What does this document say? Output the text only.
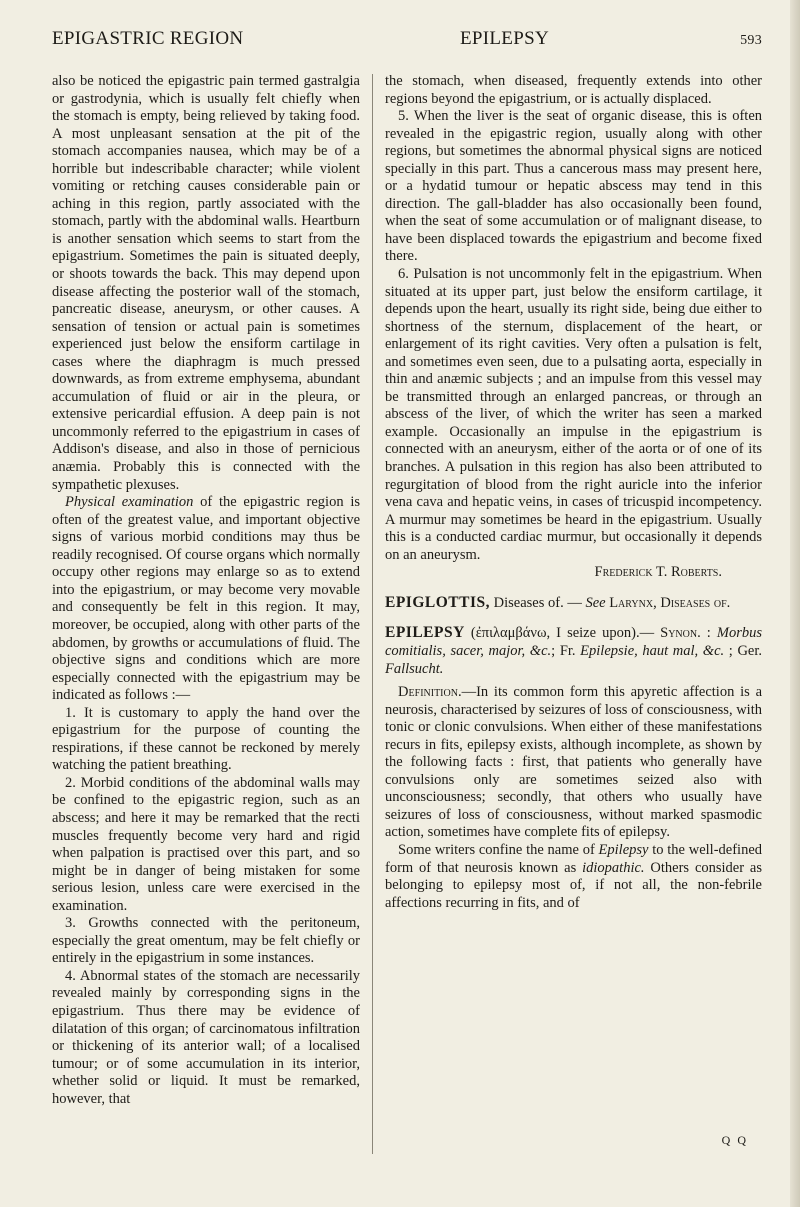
EPIGASTRIC REGION	EPILEPSY	593

also be noticed the epigastric pain termed gastralgia or gastrodynia, which is usually felt chiefly when the stomach is empty, being relieved by taking food. A most unpleasant sensation at the pit of the stomach accompanies nausea, which may be of a horrible but indescribable character; while violent vomiting or retching causes considerable pain or aching in this region, partly associated with the stomach, partly with the abdominal walls. Heartburn is another sensation which seems to start from the epigastrium. Sometimes the pain is situated deeply, or shoots towards the back. This may depend upon disease affecting the posterior wall of the stomach, pancreatic disease, aneurysm, or other causes. A sensation of tension or actual pain is sometimes experienced just below the ensiform cartilage in cases where the diaphragm is much pressed downwards, as from extreme emphysema, abundant accumulation of fluid or air in the pleura, or extensive pericardial effusion. A deep pain is not uncommonly referred to the epigastrium in cases of Addison's disease, and also in those of pernicious anæmia. Probably this is connected with the sympathetic plexuses.

Physical examination of the epigastric region is often of the greatest value, and important objective signs of various morbid conditions may thus be readily recognised. Of course organs which normally occupy other regions may enlarge so as to extend into the epigastrium, or may become very movable and consequently be felt in this region. It may, moreover, be occupied, along with other parts of the abdomen, by growths or accumulations of fluid. The objective signs and conditions which are more especially connected with the epigastrium may be indicated as follows :—

1. It is customary to apply the hand over the epigastrium for the purpose of counting the respirations, if these cannot be reckoned by merely watching the patient breathing.

2. Morbid conditions of the abdominal walls may be confined to the epigastric region, such as an abscess; and here it may be remarked that the recti muscles frequently become very hard and rigid when palpation is practised over this part, and so might be in danger of being mistaken for some serious lesion, unless care were exercised in the examination.

3. Growths connected with the peritoneum, especially the great omentum, may be felt chiefly or entirely in the epigastrium in some instances.

4. Abnormal states of the stomach are necessarily revealed mainly by corresponding signs in the epigastrium. Thus there may be evidence of dilatation of this organ; of carcinomatous infiltration or thickening of its anterior wall; of a localised tumour; or of some accumulation in its interior, whether solid or liquid. It must be remarked, however, that

the stomach, when diseased, frequently extends into other regions beyond the epigastrium, or is actually displaced.

5. When the liver is the seat of organic disease, this is often revealed in the epigastric region, usually along with other regions, but sometimes the abnormal physical signs are noticed specially in this part. Thus a cancerous mass may present here, or a hydatid tumour or hepatic abscess may tend in this direction. The gall-bladder has also occasionally been found, when the seat of some accumulation or of malignant disease, to have been displaced towards the epigastrium and become fixed there.

6. Pulsation is not uncommonly felt in the epigastrium. When situated at its upper part, just below the ensiform cartilage, it depends upon the heart, usually its right side, being due either to shortness of the sternum, displacement of the heart, or enlargement of its right cavities. Very often a pulsation is felt, and sometimes even seen, due to a pulsating aorta, especially in thin and anæmic subjects ; and an impulse from this vessel may be transmitted through an enlarged pancreas, or through an abscess of the liver, of which the writer has seen a marked example. Occasionally an impulse in the epigastrium is connected with an aneurysm, either of the aorta or of one of its branches. A pulsation in this region has also been attributed to regurgitation of blood from the right auricle into the inferior vena cava and hepatic veins, in cases of tricuspid incompetency. A murmur may sometimes be heard in the epigastrium. Usually this is a conducted cardiac murmur, but occasionally it depends on an aneurysm.

Frederick T. Roberts.

EPIGLOTTIS, Diseases of. — See Larynx, Diseases of.

EPILEPSY (ἐπιλαμβάνω, I seize upon).— Synon. : Morbus comitialis, sacer, major, &c.; Fr. Epilepsie, haut mal, &c. ; Ger. Fallsucht.

Definition.—In its common form this apyretic affection is a neurosis, characterised by seizures of loss of consciousness, with tonic or clonic convulsions. When either of these manifestations recurs in fits, epilepsy exists, although incomplete, as shown by the following facts : first, that patients who generally have convulsions only are sometimes seized also with unconsciousness; secondly, that others who usually have seizures of loss of consciousness, without marked spasmodic action, sometimes have complete fits of epilepsy.

Some writers confine the name of Epilepsy to the well-defined form of that neurosis known as idiopathic. Others consider as belonging to epilepsy most of, if not all, the non-febrile affections recurring in fits, and of

Q Q
